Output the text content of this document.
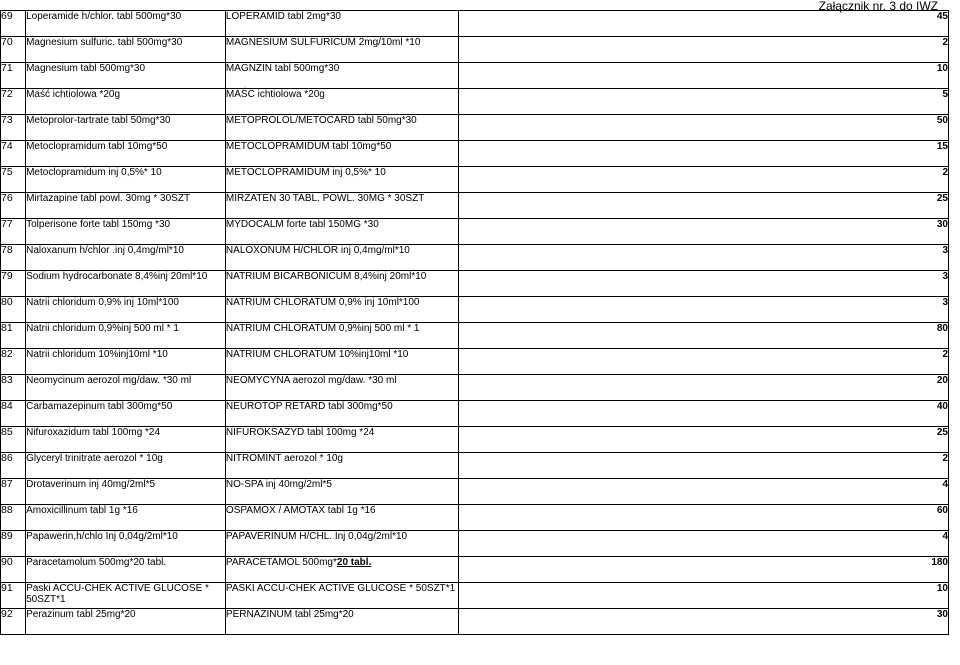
Załącznik nr. 3 do IWZ
69	Loperamide h/chlor. tabl 500mg*30	LOPERAMID tabl 2mg*30	45
70	Magnesium sulfuric. tabl 500mg*30	MAGNESIUM SULFURICUM 2mg/10ml *10	2
71	Magnesium tabl 500mg*30	MAGNZIN tabl 500mg*30	10
72	Maść ichtiolowa *20g	MAŚĆ ichtiolowa *20g	5
73	Metoprolor-tartrate tabl 50mg*30	METOPROLOL/METOCARD tabl 50mg*30	50
74	Metoclopramidum tabl 10mg*50	METOCLOPRAMIDUM tabl 10mg*50	15
75	Metoclopramidum inj 0,5%* 10	METOCLOPRAMIDUM inj 0,5%* 10	2
76	Mirtazapine tabl powl. 30mg * 30SZT	MIRZATEN 30 TABL. POWL. 30MG * 30SZT	25
77	Tolperisone forte tabl 150mg *30	MYDOCALM forte tabl 150MG *30	30
78	Naloxanum h/chlor .inj 0,4mg/ml*10	NALOXONUM H/CHLOR inj 0,4mg/ml*10	3
79	Sodium hydrocarbonate 8,4%inj 20ml*10	NATRIUM BICARBONICUM 8,4%inj 20ml*10	3
80	Natrii chloridum 0,9% inj 10ml*100	NATRIUM CHLORATUM 0,9% inj 10ml*100	3
81	Natrii chloridum 0,9%inj 500 ml * 1	NATRIUM CHLORATUM 0,9%inj 500 ml * 1	80
82	Natrii chloridum 10%inj10ml *10	NATRIUM CHLORATUM 10%inj10ml *10	2
83	Neomycinum aerozol mg/daw. *30 ml	NEOMYCYNA aerozol mg/daw. *30 ml	20
84	Carbamazepinum tabl 300mg*50	NEUROTOP RETARD tabl 300mg*50	40
85	Nifuroxazidum tabl 100mg *24	NIFUROKSAZYD tabl 100mg *24	25
86	Glyceryl trinitrate aerozol * 10g	NITROMINT aerozol * 10g	2
87	Drotaverinum inj 40mg/2ml*5	NO-SPA inj 40mg/2ml*5	4
88	Amoxicillinum tabl 1g *16	OSPAMOX / AMOTAX tabl 1g *16	60
89	Papawerin,h/chlo Inj 0,04g/2ml*10	PAPAVERINUM H/CHL. Inj 0,04g/2ml*10	4
90	Paracetamolum 500mg*20 tabl.	PARACETAMOL 500mg*20 tabl.	180
91	Paski ACCU-CHEK ACTIVE GLUCOSE * 50SZT*1	PASKI ACCU-CHEK ACTIVE GLUCOSE * 50SZT*1	10
92	Perazinum tabl 25mg*20	PERNAZINUM tabl 25mg*20	30
